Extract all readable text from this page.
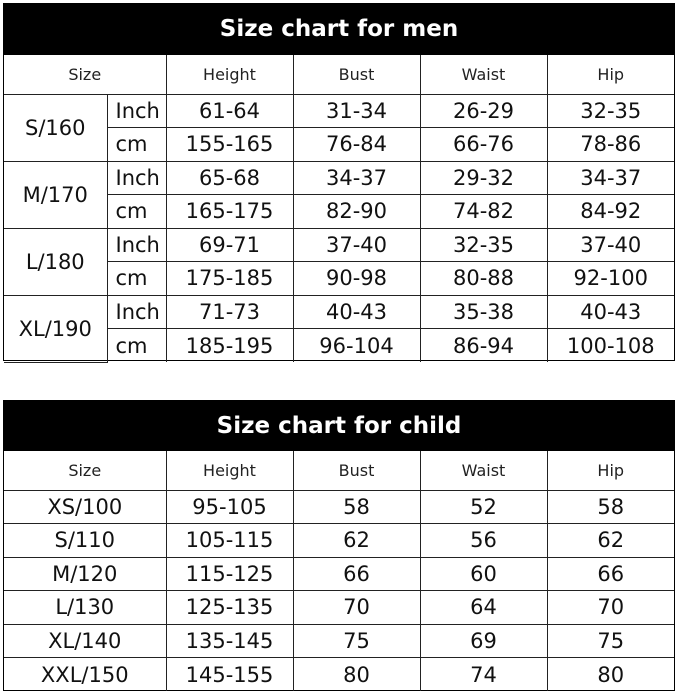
Size chart for men
Size		Height	Bust	Waist	Hip
S/160	Inch	61-64	31-34	26-29	32-35
	cm	155-165	76-84	66-76	78-86
M/170	Inch	65-68	34-37	29-32	34-37
	cm	165-175	82-90	74-82	84-92
L/180	Inch	69-71	37-40	32-35	37-40
	cm	175-185	90-98	80-88	92-100
XL/190	Inch	71-73	40-43	35-38	40-43
	cm	185-195	96-104	86-94	100-108
Size chart for child
Size	Height	Bust	Waist	Hip
XS/100	95-105	58	52	58
S/110	105-115	62	56	62
M/120	115-125	66	60	66
L/130	125-135	70	64	70
XL/140	135-145	75	69	75
XXL/150	145-155	80	74	80
